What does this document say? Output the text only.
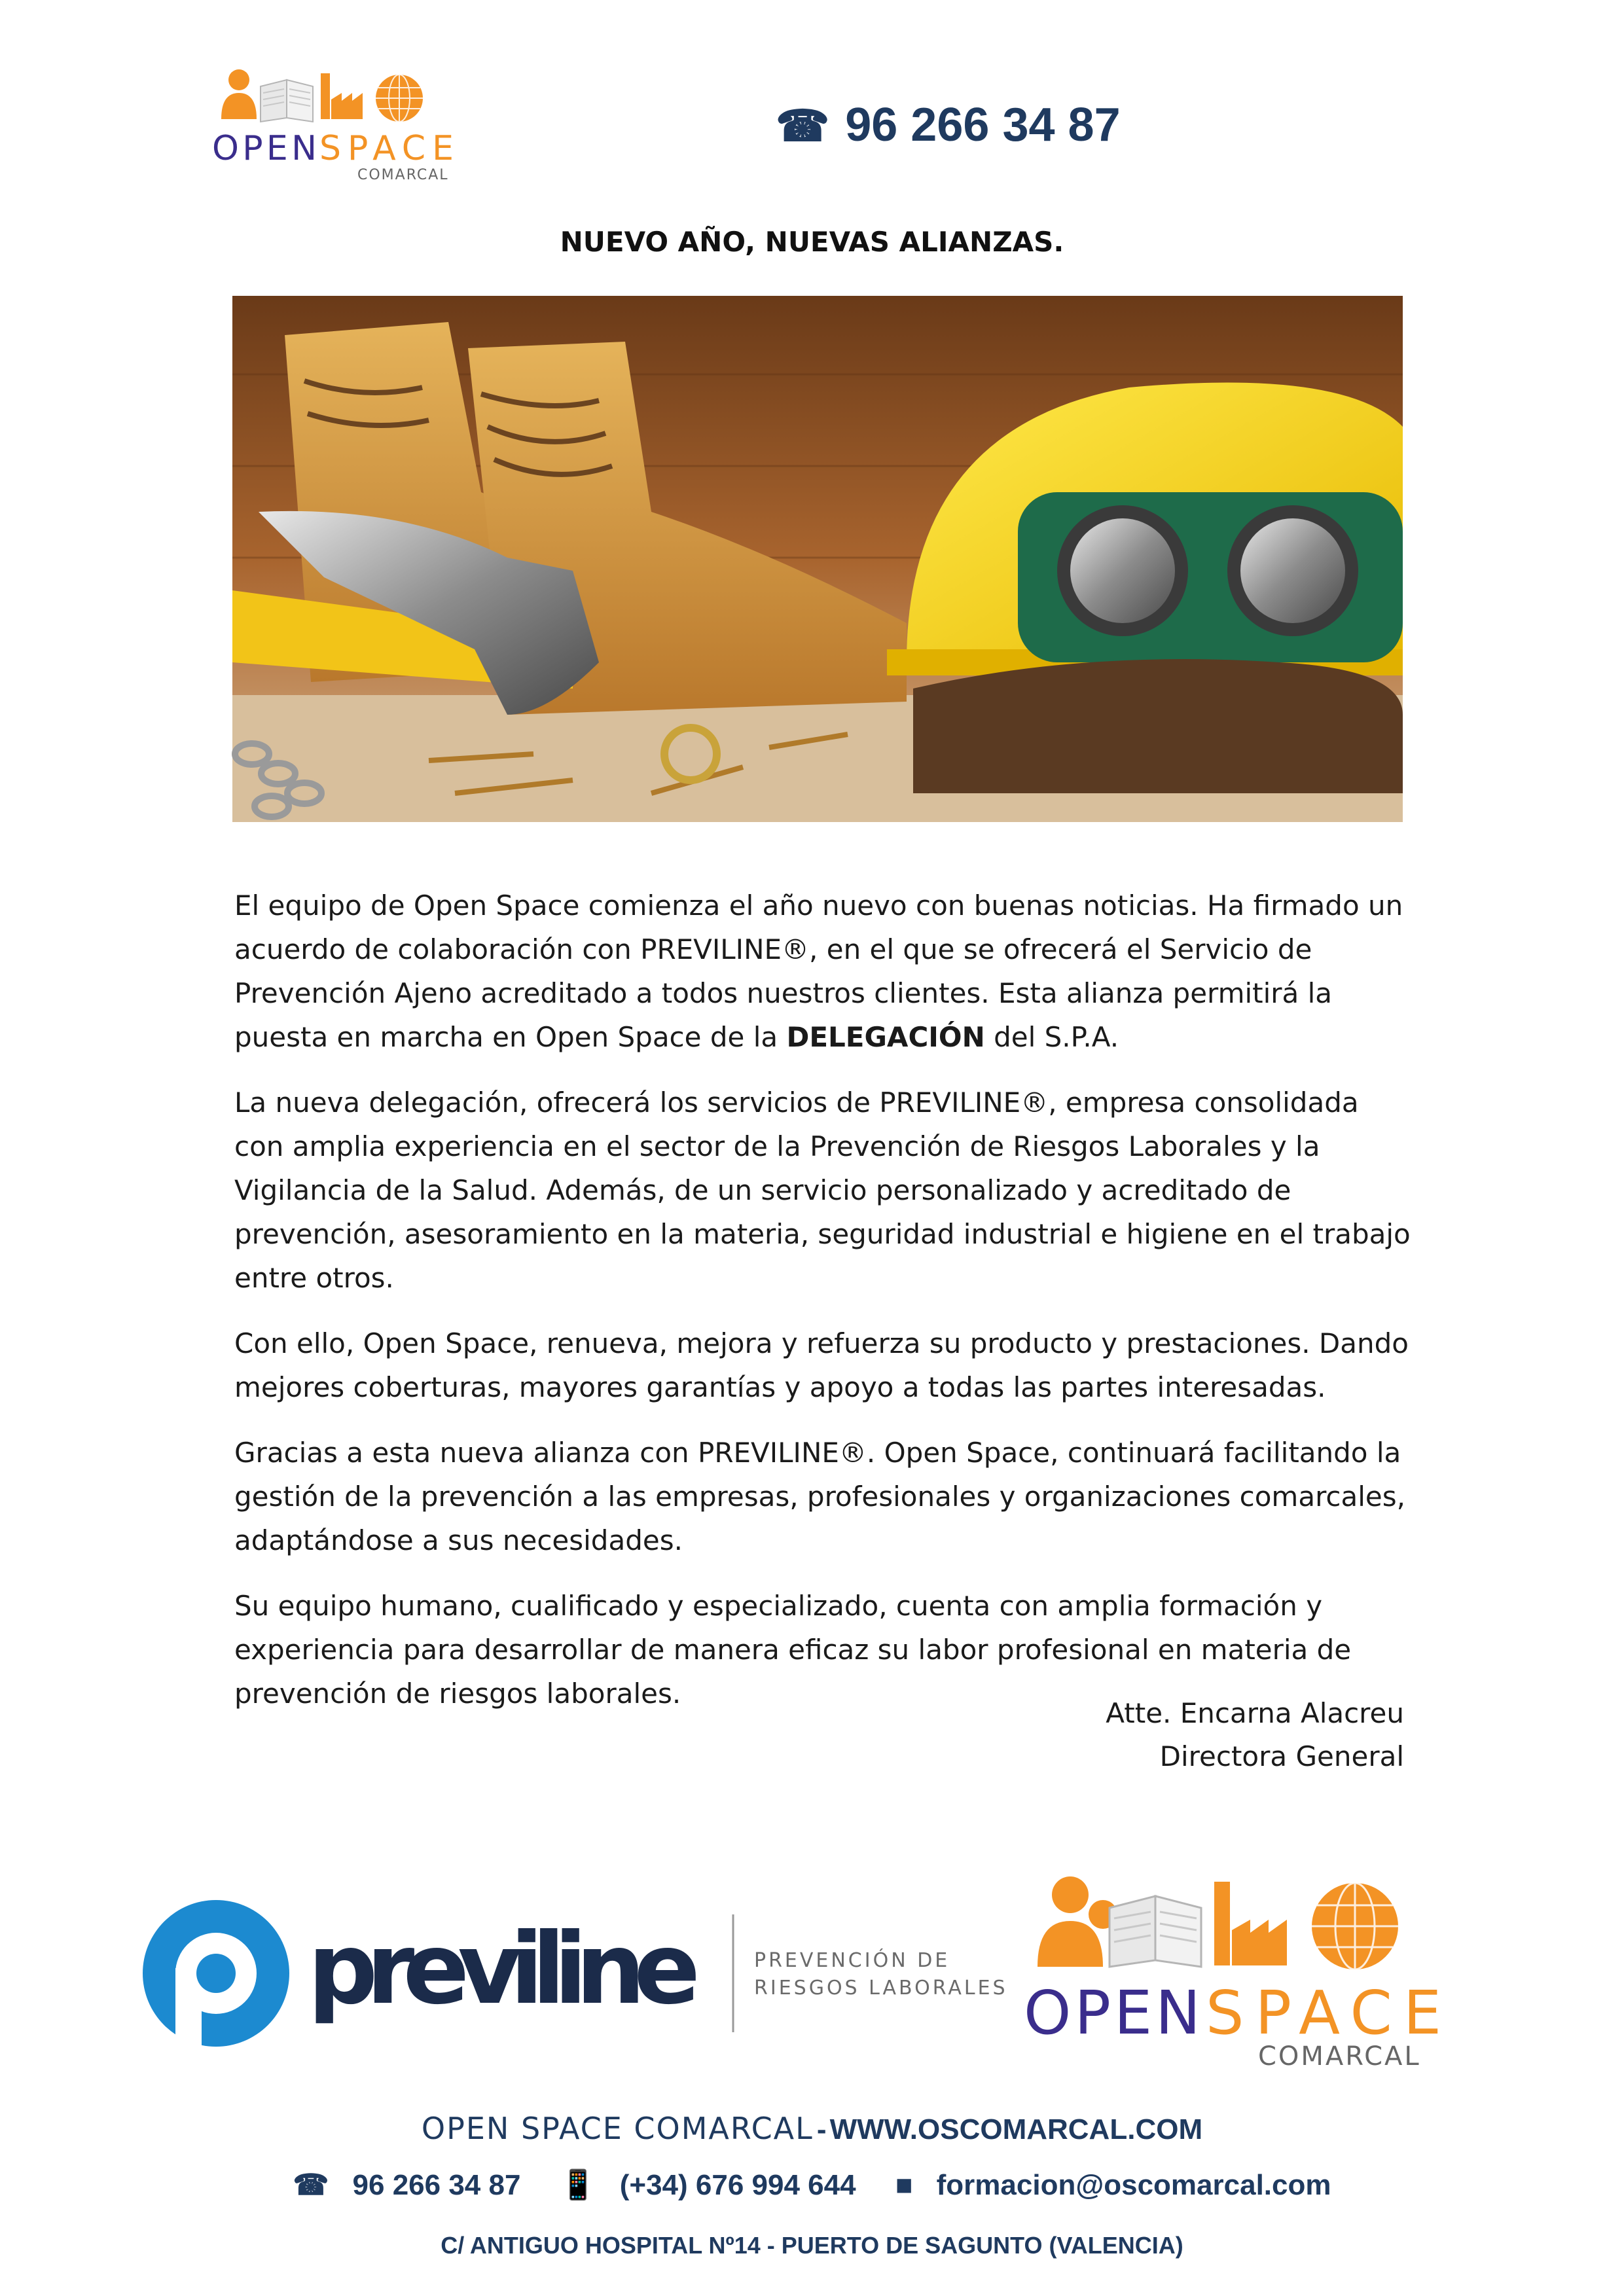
OPEN SPACE
COMARCAL
☎ 96 266 34 87
NUEVO AÑO, NUEVAS ALIANZAS.

El equipo de Open Space comienza el año nuevo con buenas noticias. Ha firmado un acuerdo de colaboración con PREVILINE®, en el que se ofrecerá el Servicio de Prevención Ajeno acreditado a todos nuestros clientes. Esta alianza permitirá la puesta en marcha en Open Space de la DELEGACIÓN del S.P.A.

La nueva delegación, ofrecerá los servicios de PREVILINE®, empresa consolidada con amplia experiencia en el sector de la Prevención de Riesgos Laborales y la Vigilancia de la Salud. Además, de un servicio personalizado y acreditado de prevención, asesoramiento en la materia, seguridad industrial e higiene en el trabajo entre otros.

Con ello, Open Space, renueva, mejora y refuerza su producto y prestaciones. Dando mejores coberturas, mayores garantías y apoyo a todas las partes interesadas.

Gracias a esta nueva alianza con PREVILINE®. Open Space, continuará facilitando la gestión de la prevención a las empresas, profesionales y organizaciones comarcales, adaptándose a sus necesidades.

Su equipo humano, cualificado y especializado, cuenta con amplia formación y experiencia para desarrollar de manera eficaz su labor profesional en materia de prevención de riesgos laborales.

Atte. Encarna Alacreu
Directora General
previline	PREVENCIÓN DE
RIESGOS LABORALES OPEN SPACE
COMARCAL
OPEN SPACE COMARCAL - WWW.OSCOMARCAL.COM
☎ 96 266 34 87 📱 (+34) 676 994 644 ■ formacion@oscomarcal.com
C/ ANTIGUO HOSPITAL Nº14 - PUERTO DE SAGUNTO (VALENCIA)
